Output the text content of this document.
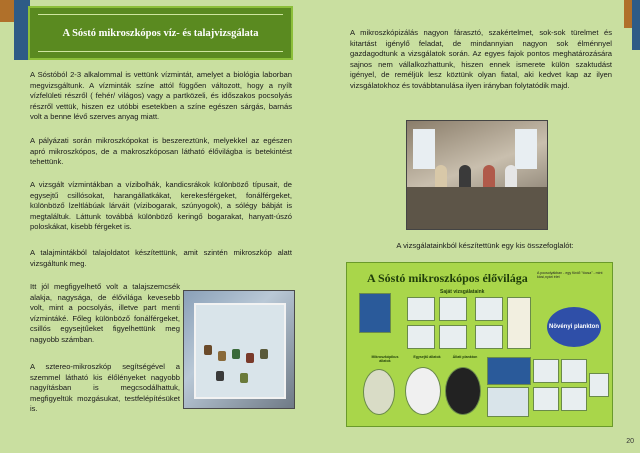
A Sóstó mikroszkópos víz- és talajvizsgálata
A Sóstóból 2-3 alkalommal is vettünk vízmintát, amelyet a biológia laborban megvizsgáltunk. A vízminták színe attól függően változott, hogy a nyílt vízfelületi részről ( fehér/ világos) vagy a partközeli, és időszakos pocsolyás részről vettük, hiszen ez utóbbi esetekben a színe egészen sárgás, barnás volt a benne lévő szerves anyag miatt.
A pályázati során mikroszkópokat is beszereztünk, melyekkel az egészen apró mikroszkópos, de a makroszkóposan látható élővilágba is betekintést tehettünk.
A vizsgált vízmintákban a vízibolhák, kandicsrákok különböző típusait, de egysejtű csillósokat, harangállatkákat, kerekesférgeket, fonálférgeket, különböző lzeltlábúak lárváit (vízibogarak, szúnyogok), a sólégy bábját is megtaláltuk. Láttunk továbbá különböző keringő bogarakat, hanyatt-úszó poloskákat, kisebb férgeket is.
A talajmintákból talajoldatot készítettünk, amit szintén mikroszkóp alatt vizsgáltunk meg.
Itt jól megfigyelhető volt a talajszemcsék alakja, nagysága, de élővilága kevesebb volt, mint a pocsolyás, illetve part menti vízmintáké. Főleg különböző fonálférgeket, csillós egysejtűeket figyelhettünk meg nagyobb számban.
A sztereo-mikroszkóp segítségével a szemmel látható kis élőlényeket nagyobb nagyításban is megcsodálhattuk, megfigyeltük mozgásukat, testfelépítésüket is.
A mikroszkópizálás nagyon fárasztó, szakértelmet, sok-sok türelmet és kitartást igénylő feladat, de mindannyian nagyon sok élménnyel gazdagodtunk a vizsgálatok során. Az egyes fajok pontos meghatározására sajnos nem vállalkozhattunk, hiszen ennek ismerete külön szaktudást igényel, de reméljük lesz köztünk olyan fiatal, aki kedvet kap az ilyen vizsgálatokhoz és továbbtanulása ilyen irányban folytatódik majd.
A vizsgálatainkból készítettünk egy kis összefoglalót:
A Sóstó mikroszkópos élővilága
Saját vizsgálataink
A pocsolyákban - egy fürdő "tócsa" - mint kicsi,nyári élet
Növényi plankton
Mikroszkópikus állatok
Egysejtű állatok	Állati plankton
20
